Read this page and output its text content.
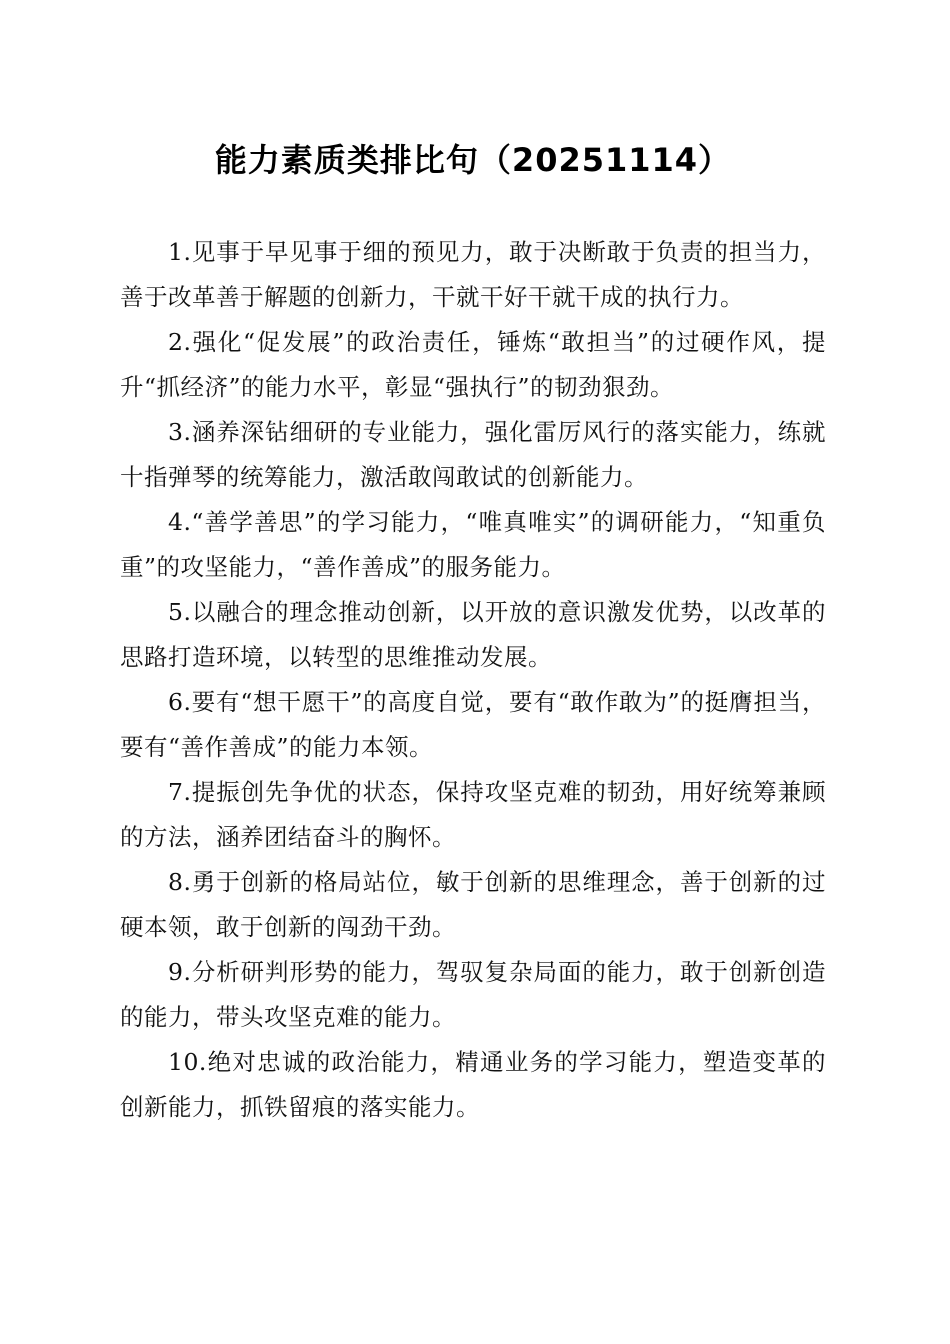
能力素质类排比句（20251114）

1.见事于早见事于细的预见力，敢于决断敢于负责的担当力，善于改革善于解题的创新力，干就干好干就干成的执行力。

2.强化“促发展”的政治责任，锤炼“敢担当”的过硬作风，提升“抓经济”的能力水平，彰显“强执行”的韧劲狠劲。

3.涵养深钻细研的专业能力，强化雷厉风行的落实能力，练就十指弹琴的统筹能力，激活敢闯敢试的创新能力。

4.“善学善思”的学习能力，“唯真唯实”的调研能力，“知重负重”的攻坚能力，“善作善成”的服务能力。

5.以融合的理念推动创新，以开放的意识激发优势，以改革的思路打造环境，以转型的思维推动发展。

6.要有“想干愿干”的高度自觉，要有“敢作敢为”的挺膺担当，要有“善作善成”的能力本领。

7.提振创先争优的状态，保持攻坚克难的韧劲，用好统筹兼顾的方法，涵养团结奋斗的胸怀。

8.勇于创新的格局站位，敏于创新的思维理念，善于创新的过硬本领，敢于创新的闯劲干劲。

9.分析研判形势的能力，驾驭复杂局面的能力，敢于创新创造的能力，带头攻坚克难的能力。

10.绝对忠诚的政治能力，精通业务的学习能力，塑造变革的创新能力，抓铁留痕的落实能力。
